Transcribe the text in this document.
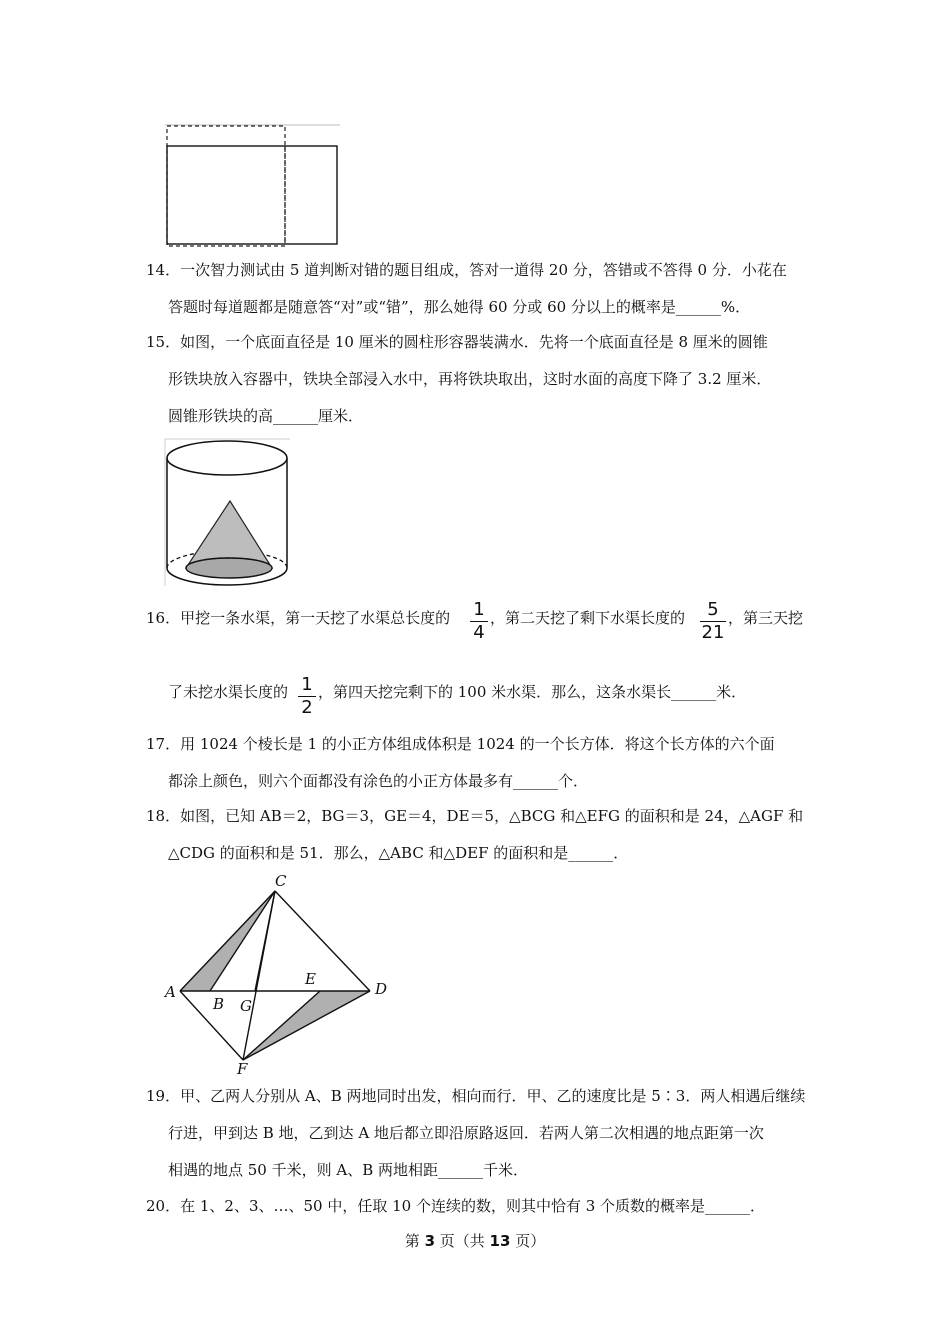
14．一次智力测试由 5 道判断对错的题目组成，答对一道得 20 分，答错或不答得 0 分．小花在
答题时每道题都是随意答“对”或“错”，那么她得 60 分或 60 分以上的概率是______%．
15．如图，一个底面直径是 10 厘米的圆柱形容器装满水．先将一个底面直径是 8 厘米的圆锥
形铁块放入容器中，铁块全部浸入水中，再将铁块取出，这时水面的高度下降了 3.2 厘米．
圆锥形铁块的高______厘米．
16．甲挖一条水渠，第一天挖了水渠总长度的 1
4
，第二天挖了剩下水渠长度的	5
21
，第三天挖
了未挖水渠长度的 1
2
，第四天挖完剩下的 100 米水渠．那么，这条水渠长______米．
17．用 1024 个棱长是 1 的小正方体组成体积是 1024 的一个长方体．将这个长方体的六个面
都涂上颜色，则六个面都没有涂色的小正方体最多有______个．
18．如图，已知 AB＝2，BG＝3，GE＝4，DE＝5，△BCG 和△EFG 的面积和是 24，△AGF 和
△CDG 的面积和是 51．那么，△ABC 和△DEF 的面积和是______．
C
A
B G
E
D
F
19．甲、乙两人分别从 A、B 两地同时出发，相向而行．甲、乙的速度比是 5∶3．两人相遇后继续
行进，甲到达 B 地，乙到达 A 地后都立即沿原路返回．若两人第二次相遇的地点距第一次
相遇的地点 50 千米，则 A、B 两地相距______千米．
20．在 1、2、3、…、50 中，任取 10 个连续的数，则其中恰有 3 个质数的概率是______．
第 3 页（共 13 页）
